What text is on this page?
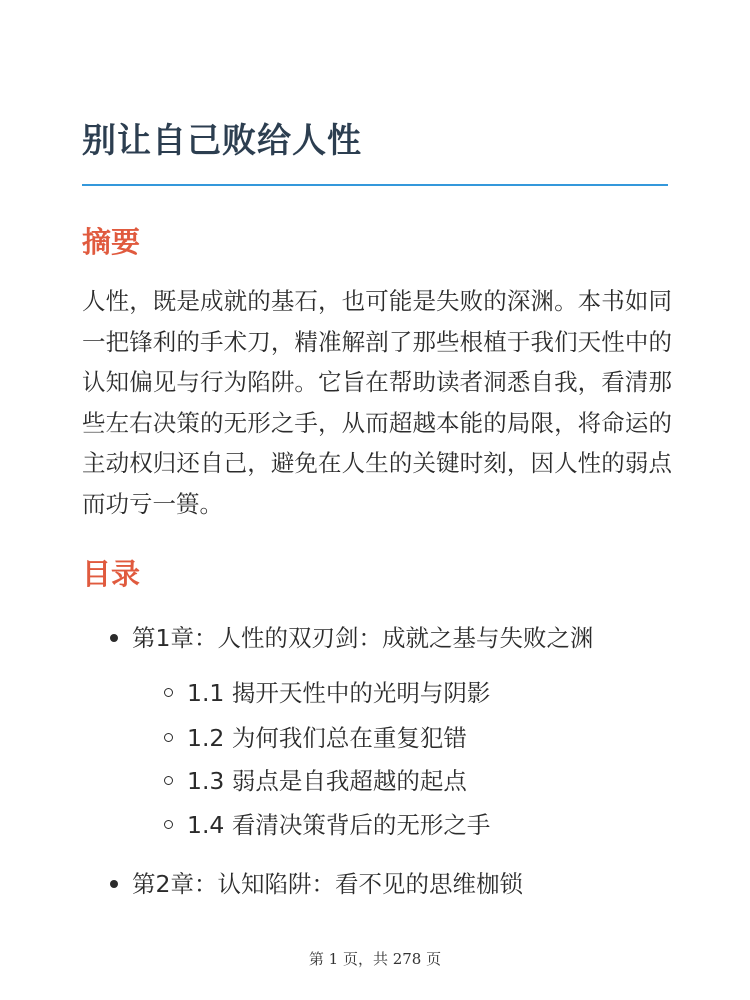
别让自己败给人性
摘要

人性，既是成就的基石，也可能是失败的深渊。本书如同一把锋利的手术刀，精准解剖了那些根植于我们天性中的认知偏见与行为陷阱。它旨在帮助读者洞悉自我，看清那些左右决策的无形之手，从而超越本能的局限，将命运的主动权归还自己，避免在人生的关键时刻，因人性的弱点而功亏一篑。

目录
第1章：人性的双刃剑：成就之基与失败之渊
1.1 揭开天性中的光明与阴影
1.2 为何我们总在重复犯错
1.3 弱点是自我超越的起点
1.4 看清决策背后的无形之手
第2章：认知陷阱：看不见的思维枷锁
第 1 页，共 278 页
